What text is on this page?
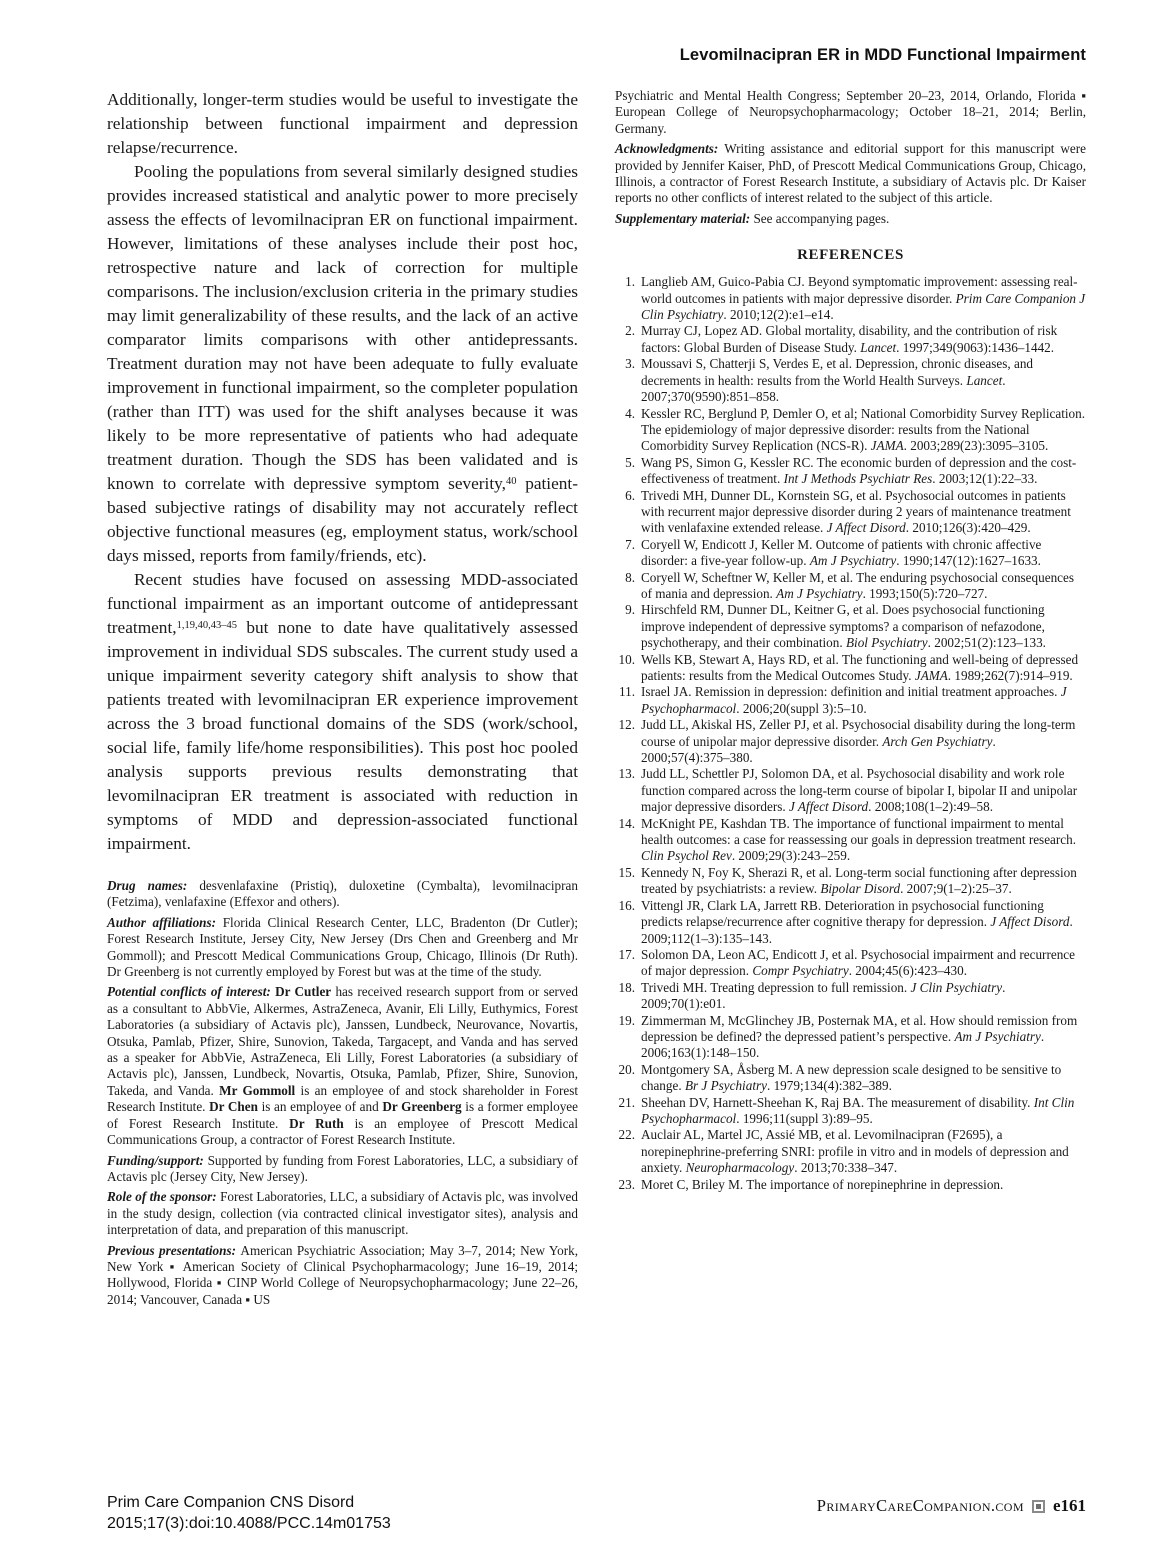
Levomilnacipran ER in MDD Functional Impairment

Additionally, longer-term studies would be useful to investigate the relationship between functional impairment and depression relapse/recurrence.

Pooling the populations from several similarly designed studies provides increased statistical and analytic power to more precisely assess the effects of levomilnacipran ER on functional impairment. However, limitations of these analyses include their post hoc, retrospective nature and lack of correction for multiple comparisons. The inclusion/exclusion criteria in the primary studies may limit generalizability of these results, and the lack of an active comparator limits comparisons with other antidepressants. Treatment duration may not have been adequate to fully evaluate improvement in functional impairment, so the completer population (rather than ITT) was used for the shift analyses because it was likely to be more representative of patients who had adequate treatment duration. Though the SDS has been validated and is known to correlate with depressive symptom severity,$^{40}$ patient-based subjective ratings of disability may not accurately reflect objective functional measures (eg, employment status, work/school days missed, reports from family/friends, etc).

Recent studies have focused on assessing MDD-associated functional impairment as an important outcome of antidepressant treatment,$^{1,19,40,43-45}$ but none to date have qualitatively assessed improvement in individual SDS subscales. The current study used a unique impairment severity category shift analysis to show that patients treated with levomilnacipran ER experience improvement across the 3 broad functional domains of the SDS (work/school, social life, family life/home responsibilities). This post hoc pooled analysis supports previous results demonstrating that levomilnacipran ER treatment is associated with reduction in symptoms of MDD and depression-associated functional impairment.

Drug names: desvenlafaxine (Pristiq), duloxetine (Cymbalta), levomilnacipran (Fetzima), venlafaxine (Effexor and others).

Author affiliations: Florida Clinical Research Center, LLC, Bradenton (Dr Cutler); Forest Research Institute, Jersey City, New Jersey (Drs Chen and Greenberg and Mr Gommoll); and Prescott Medical Communications Group, Chicago, Illinois (Dr Ruth). Dr Greenberg is not currently employed by Forest but was at the time of the study.

Potential conflicts of interest: Dr Cutler has received research support from or served as a consultant to AbbVie, Alkermes, AstraZeneca, Avanir, Eli Lilly, Euthymics, Forest Laboratories (a subsidiary of Actavis plc), Janssen, Lundbeck, Neurovance, Novartis, Otsuka, Pamlab, Pfizer, Shire, Sunovion, Takeda, Targacept, and Vanda and has served as a speaker for AbbVie, AstraZeneca, Eli Lilly, Forest Laboratories (a subsidiary of Actavis plc), Janssen, Lundbeck, Novartis, Otsuka, Pamlab, Pfizer, Shire, Sunovion, Takeda, and Vanda. Mr Gommoll is an employee of and stock shareholder in Forest Research Institute. Dr Chen is an employee of and Dr Greenberg is a former employee of Forest Research Institute. Dr Ruth is an employee of Prescott Medical Communications Group, a contractor of Forest Research Institute.

Funding/support: Supported by funding from Forest Laboratories, LLC, a subsidiary of Actavis plc (Jersey City, New Jersey).

Role of the sponsor: Forest Laboratories, LLC, a subsidiary of Actavis plc, was involved in the study design, collection (via contracted clinical investigator sites), analysis and interpretation of data, and preparation of this manuscript.

Previous presentations: American Psychiatric Association; May 3–7, 2014; New York, New York ▪ American Society of Clinical Psychopharmacology; June 16–19, 2014; Hollywood, Florida ▪ CINP World College of Neuropsychopharmacology; June 22–26, 2014; Vancouver, Canada ▪ US

Psychiatric and Mental Health Congress; September 20–23, 2014, Orlando, Florida ▪ European College of Neuropsychopharmacology; October 18–21, 2014; Berlin, Germany.

Acknowledgments: Writing assistance and editorial support for this manuscript were provided by Jennifer Kaiser, PhD, of Prescott Medical Communications Group, Chicago, Illinois, a contractor of Forest Research Institute, a subsidiary of Actavis plc. Dr Kaiser reports no other conflicts of interest related to the subject of this article.

Supplementary material: See accompanying pages.

REFERENCES
1. Langlieb AM, Guico-Pabia CJ. Beyond symptomatic improvement: assessing real-world outcomes in patients with major depressive disorder. Prim Care Companion J Clin Psychiatry. 2010;12(2):e1–e14.
2. Murray CJ, Lopez AD. Global mortality, disability, and the contribution of risk factors: Global Burden of Disease Study. Lancet. 1997;349(9063):1436–1442.
3. Moussavi S, Chatterji S, Verdes E, et al. Depression, chronic diseases, and decrements in health: results from the World Health Surveys. Lancet. 2007;370(9590):851–858.
4. Kessler RC, Berglund P, Demler O, et al; National Comorbidity Survey Replication. The epidemiology of major depressive disorder: results from the National Comorbidity Survey Replication (NCS-R). JAMA. 2003;289(23):3095–3105.
5. Wang PS, Simon G, Kessler RC. The economic burden of depression and the cost-effectiveness of treatment. Int J Methods Psychiatr Res. 2003;12(1):22–33.
6. Trivedi MH, Dunner DL, Kornstein SG, et al. Psychosocial outcomes in patients with recurrent major depressive disorder during 2 years of maintenance treatment with venlafaxine extended release. J Affect Disord. 2010;126(3):420–429.
7. Coryell W, Endicott J, Keller M. Outcome of patients with chronic affective disorder: a five-year follow-up. Am J Psychiatry. 1990;147(12):1627–1633.
8. Coryell W, Scheftner W, Keller M, et al. The enduring psychosocial consequences of mania and depression. Am J Psychiatry. 1993;150(5):720–727.
9. Hirschfeld RM, Dunner DL, Keitner G, et al. Does psychosocial functioning improve independent of depressive symptoms? a comparison of nefazodone, psychotherapy, and their combination. Biol Psychiatry. 2002;51(2):123–133.
10. Wells KB, Stewart A, Hays RD, et al. The functioning and well-being of depressed patients: results from the Medical Outcomes Study. JAMA. 1989;262(7):914–919.
11. Israel JA. Remission in depression: definition and initial treatment approaches. J Psychopharmacol. 2006;20(suppl 3):5–10.
12. Judd LL, Akiskal HS, Zeller PJ, et al. Psychosocial disability during the long-term course of unipolar major depressive disorder. Arch Gen Psychiatry. 2000;57(4):375–380.
13. Judd LL, Schettler PJ, Solomon DA, et al. Psychosocial disability and work role function compared across the long-term course of bipolar I, bipolar II and unipolar major depressive disorders. J Affect Disord. 2008;108(1–2):49–58.
14. McKnight PE, Kashdan TB. The importance of functional impairment to mental health outcomes: a case for reassessing our goals in depression treatment research. Clin Psychol Rev. 2009;29(3):243–259.
15. Kennedy N, Foy K, Sherazi R, et al. Long-term social functioning after depression treated by psychiatrists: a review. Bipolar Disord. 2007;9(1–2):25–37.
16. Vittengl JR, Clark LA, Jarrett RB. Deterioration in psychosocial functioning predicts relapse/recurrence after cognitive therapy for depression. J Affect Disord. 2009;112(1–3):135–143.
17. Solomon DA, Leon AC, Endicott J, et al. Psychosocial impairment and recurrence of major depression. Compr Psychiatry. 2004;45(6):423–430.
18. Trivedi MH. Treating depression to full remission. J Clin Psychiatry. 2009;70(1):e01.
19. Zimmerman M, McGlinchey JB, Posternak MA, et al. How should remission from depression be defined? the depressed patient’s perspective. Am J Psychiatry. 2006;163(1):148–150.
20. Montgomery SA, Åsberg M. A new depression scale designed to be sensitive to change. Br J Psychiatry. 1979;134(4):382–389.
21. Sheehan DV, Harnett-Sheehan K, Raj BA. The measurement of disability. Int Clin Psychopharmacol. 1996;11(suppl 3):89–95.
22. Auclair AL, Martel JC, Assié MB, et al. Levomilnacipran (F2695), a norepinephrine-preferring SNRI: profile in vitro and in models of depression and anxiety. Neuropharmacology. 2013;70:338–347.
23. Moret C, Briley M. The importance of norepinephrine in depression.
Prim Care Companion CNS Disord
2015;17(3):doi:10.4088/PCC.14m01753
PrimaryCareCompanion.com e161
